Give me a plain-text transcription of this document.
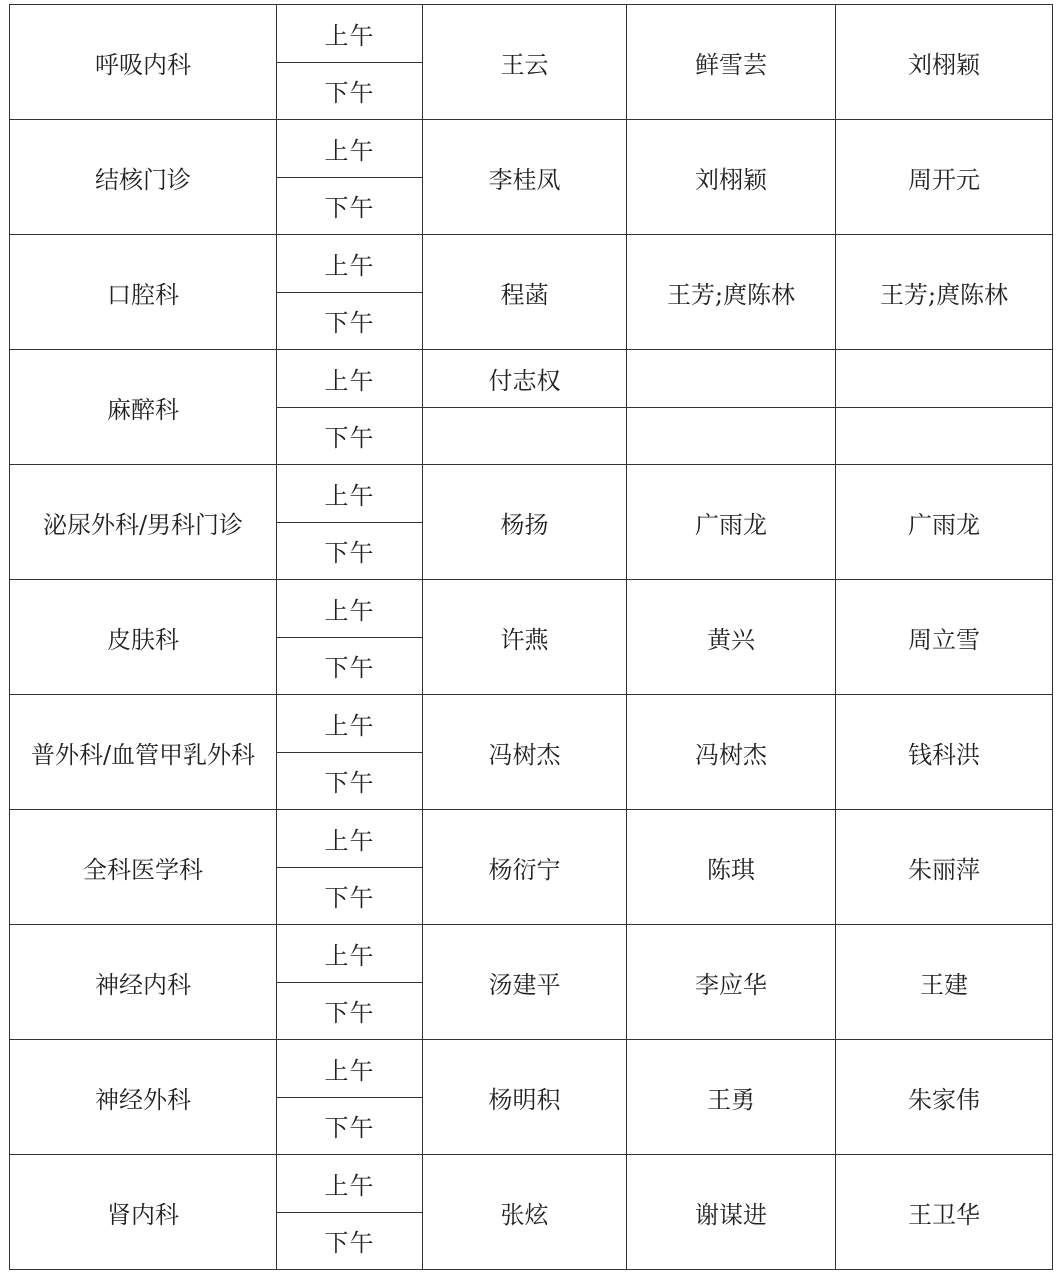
呼吸内科	上午	王云	鲜雪芸	刘栩颖
	下午			
结核门诊	上午	李桂凤	刘栩颖	周开元
	下午			
口腔科	上午	程菡	王芳;庹陈林	王芳;庹陈林
	下午			
麻醉科	上午	付志权		
	下午			
泌尿外科/男科门诊	上午	杨扬	广雨龙	广雨龙
	下午			
皮肤科	上午	许燕	黄兴	周立雪
	下午			
普外科/血管甲乳外科	上午	冯树杰	冯树杰	钱科洪
	下午			
全科医学科	上午	杨衍宁	陈琪	朱丽萍
	下午			
神经内科	上午	汤建平	李应华	王建
	下午			
神经外科	上午	杨明积	王勇	朱家伟
	下午			
肾内科	上午	张炫	谢谋进	王卫华
	下午			
